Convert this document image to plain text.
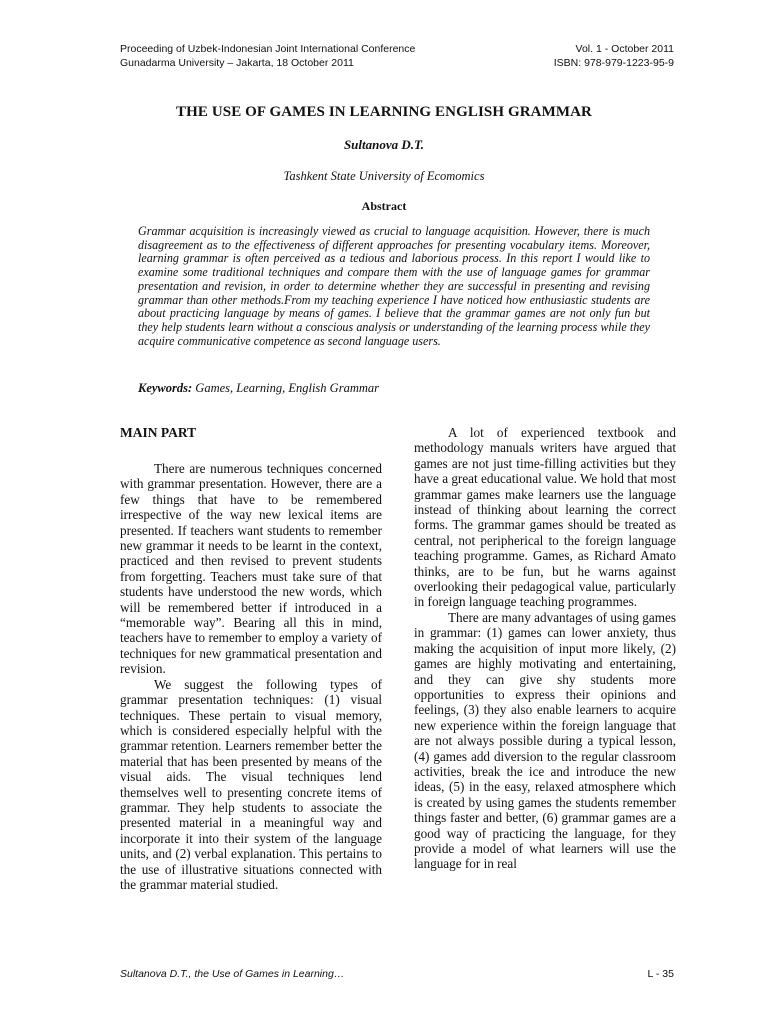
Proceeding of Uzbek-Indonesian Joint International Conference	Vol. 1 - October 2011
Gunadarma University – Jakarta, 18 October 2011	ISBN: 978-979-1223-95-9
THE USE OF GAMES IN LEARNING ENGLISH GRAMMAR
Sultanova D.T.
Tashkent State University of Ecomomics
Abstract
Grammar acquisition is increasingly viewed as crucial to language acquisition. However, there is much disagreement as to the effectiveness of different approaches for presenting vocabulary items. Moreover, learning grammar is often perceived as a tedious and laborious process. In this report I would like to examine some traditional techniques and compare them with the use of language games for grammar presentation and revision, in order to determine whether they are successful in presenting and revising grammar than other methods.From my teaching experience I have noticed how enthusiastic students are about practicing language by means of games. I believe that the grammar games are not only fun but they help students learn without a conscious analysis or understanding of the learning process while they acquire communicative competence as second language users.
Keywords: Games, Learning, English Grammar
MAIN PART

There are numerous techniques concerned with grammar presentation. However, there are a few things that have to be remembered irrespective of the way new lexical items are presented. If teachers want students to remember new grammar it needs to be learnt in the context, practiced and then revised to prevent students from forgetting. Teachers must take sure of that students have understood the new words, which will be remembered better if introduced in a “memorable way”. Bearing all this in mind, teachers have to remember to employ a variety of techniques for new grammatical presentation and revision.

We suggest the following types of grammar presentation techniques: (1) visual techniques. These pertain to visual memory, which is considered especially helpful with the grammar retention. Learners remember better the material that has been presented by means of the visual aids. The visual techniques lend themselves well to presenting concrete items of grammar. They help students to associate the presented material in a meaningful way and incorporate it into their system of the language units, and (2) verbal explanation. This pertains to the use of illustrative situations connected with the grammar material studied.

A lot of experienced textbook and methodology manuals writers have argued that games are not just time-filling activities but they have a great educational value. We hold that most grammar games make learners use the language instead of thinking about learning the correct forms. The grammar games should be treated as central, not peripherical to the foreign language teaching programme. Games, as Richard Amato thinks, are to be fun, but he warns against overlooking their pedagogical value, particularly in foreign language teaching programmes.

There are many advantages of using games in grammar: (1) games can lower anxiety, thus making the acquisition of input more likely, (2) games are highly motivating and entertaining, and they can give shy students more opportunities to express their opinions and feelings, (3) they also enable learners to acquire new experience within the foreign language that are not always possible during a typical lesson, (4) games add diversion to the regular classroom activities, break the ice and introduce the new ideas, (5) in the easy, relaxed atmosphere which is created by using games the students remember things faster and better, (6) grammar games are a good way of practicing the language, for they provide a model of what learners will use the language for in real

Sultanova D.T., the Use of Games in Learning…	L - 35
